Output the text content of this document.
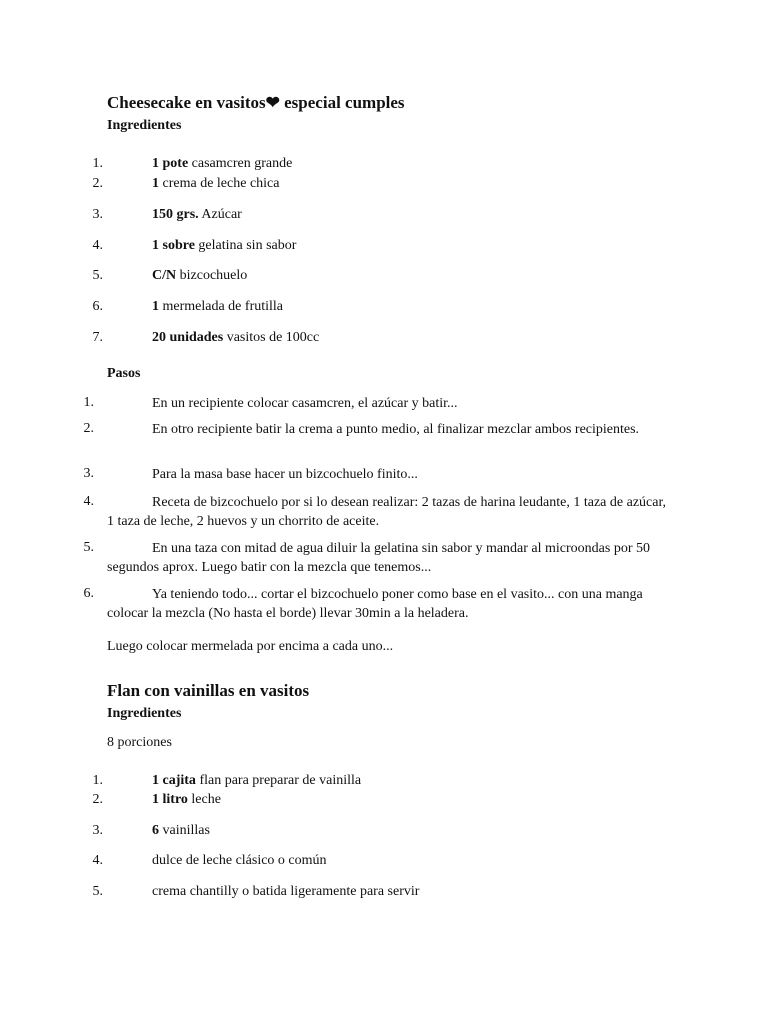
Cheesecake en vasitos❤ especial cumples
Ingredientes
1.	1 pote casamcren grande
2.	1 crema de leche chica
3.	150 grs. Azúcar
4.	1 sobre gelatina sin sabor
5.	C/N bizcochuelo
6.	1 mermelada de frutilla
7.	20 unidades vasitos de 100cc
Pasos
1.	En un recipiente colocar casamcren, el azúcar y batir...
2.	En otro recipiente batir la crema a punto medio, al finalizar mezclar ambos recipientes.
3.	Para la masa base hacer un bizcochuelo finito...
4.	Receta de bizcochuelo por si lo desean realizar: 2 tazas de harina leudante, 1 taza de azúcar, 1 taza de leche, 2 huevos y un chorrito de aceite.
5.	En una taza con mitad de agua diluir la gelatina sin sabor y mandar al microondas por 50 segundos aprox. Luego batir con la mezcla que tenemos...
6.	Ya teniendo todo... cortar el bizcochuelo poner como base en el vasito... con una manga colocar la mezcla (No hasta el borde) llevar 30min a la heladera.
Luego colocar mermelada por encima a cada uno...
Flan con vainillas en vasitos
Ingredientes
8 porciones
1.	1 cajita flan para preparar de vainilla
2.	1 litro leche
3.	6 vainillas
4.	dulce de leche clásico o común
5.	crema chantilly o batida ligeramente para servir
